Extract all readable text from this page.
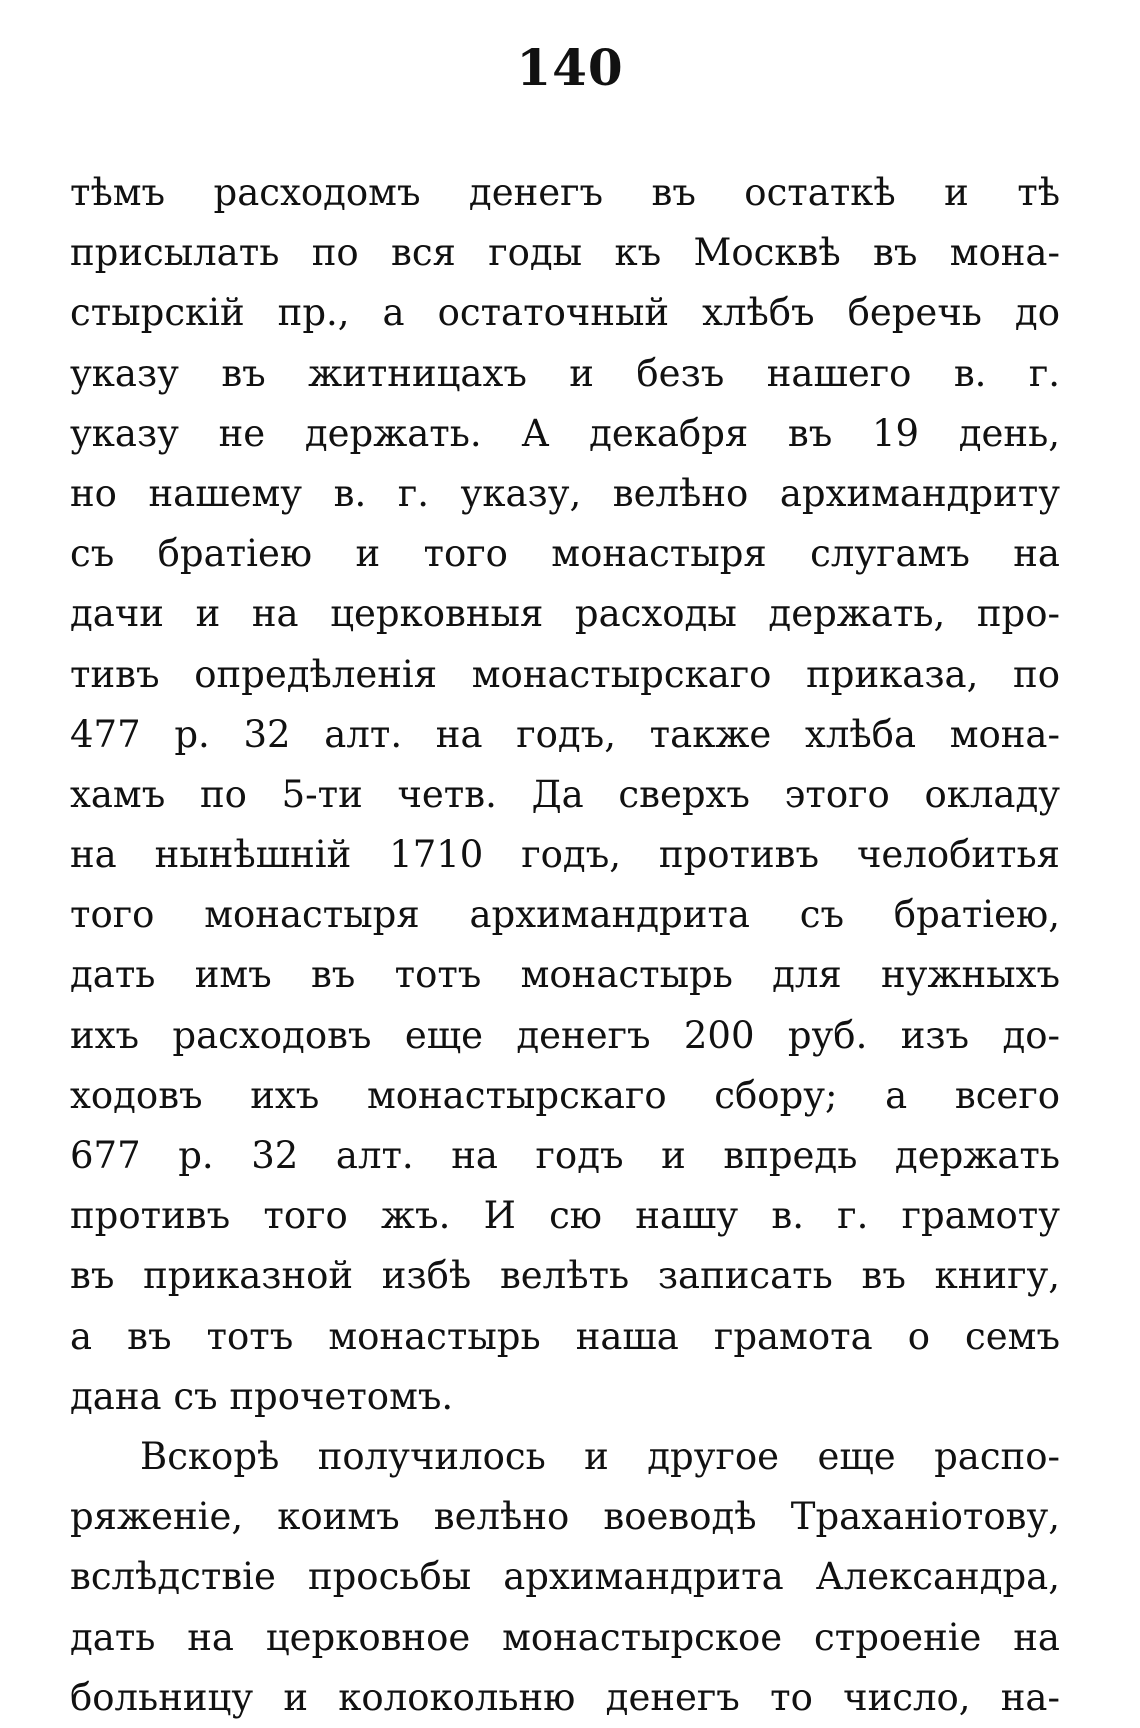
140
тѣмъ расходомъ денегъ въ остаткѣ и тѣ
присылать по вся годы къ Москвѣ въ мона-
стырскій пр., а остаточный хлѣбъ беречь до
указу въ житницахъ и безъ нашего в. г.
указу не держать. А декабря въ 19 день,
но нашему в. г. указу, велѣно архимандриту
съ братіею и того монастыря слугамъ на
дачи и на церковныя расходы держать, про-
тивъ опредѣленія монастырскаго приказа, по
477 р. 32 алт. на годъ, также хлѣба мона-
хамъ по 5-ти четв. Да сверхъ этого окладу
на нынѣшній 1710 годъ, противъ челобитья
того монастыря архимандрита съ братіею,
дать имъ въ тотъ монастырь для нужныхъ
ихъ расходовъ еще денегъ 200 руб. изъ до-
ходовъ ихъ монастырскаго сбору; а всего
677 р. 32 алт. на годъ и впредь держать
противъ того жъ. И сю нашу в. г. грамоту
въ приказной избѣ велѣть записать въ книгу,
а въ тотъ монастырь наша грамота о семъ
дана съ прочетомъ.
Вскорѣ получилось и другое еще распо-
ряженіе, коимъ велѣно воеводѣ Траханіотову,
вслѣдствіе просьбы архимандрита Александра,
дать на церковное монастырское строеніе на
больницу и колокольню денегъ то число, на-
